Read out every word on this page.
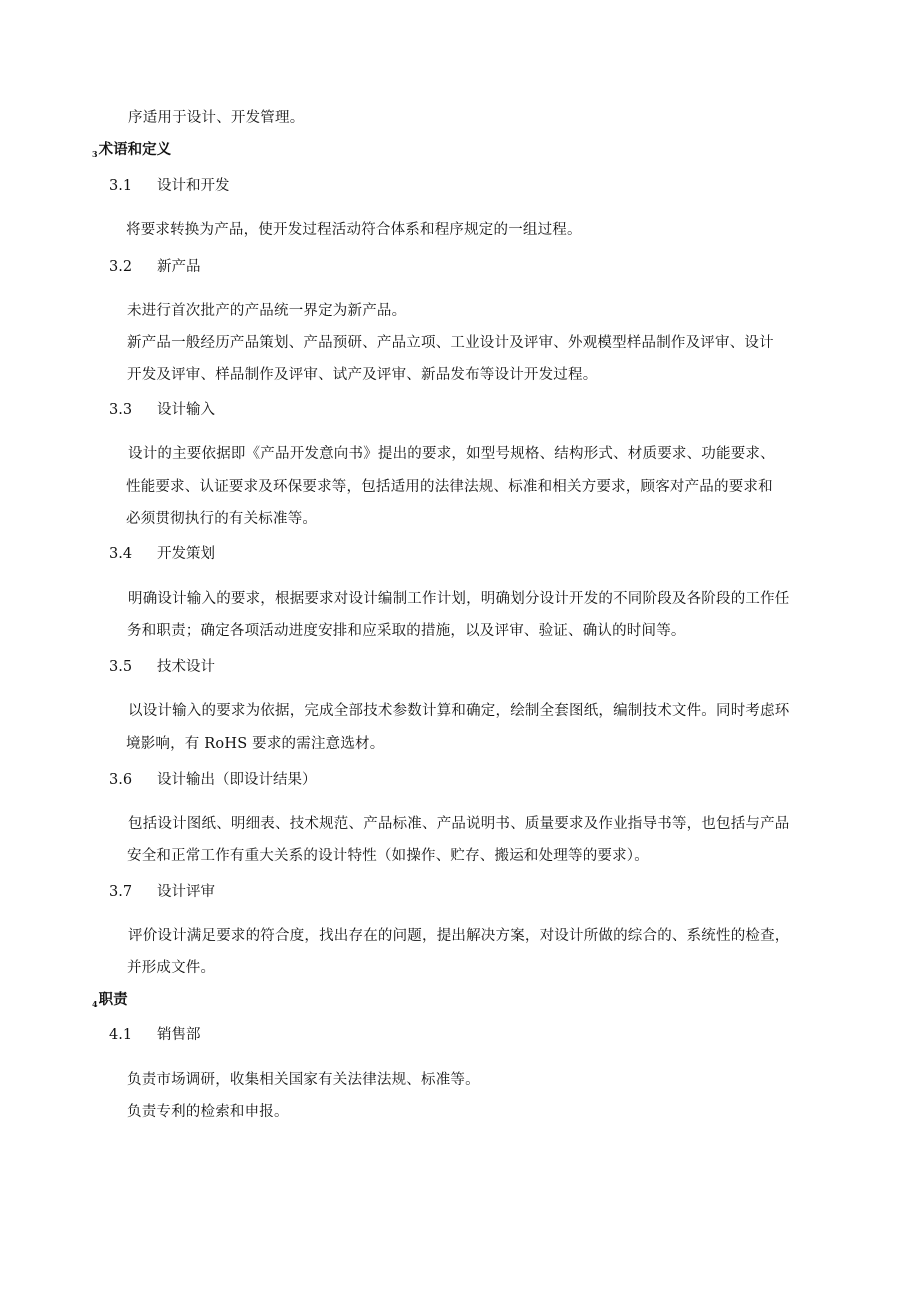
序适用于设计、开发管理。
$_3$术语和定义
3.1 设计和开发
将要求转换为产品，使开发过程活动符合体系和程序规定的一组过程。
3.2 新产品
未进行首次批产的产品统一界定为新产品。
新产品一般经历产品策划、产品预研、产品立项、工业设计及评审、外观模型样品制作及评审、设计
开发及评审、样品制作及评审、试产及评审、新品发布等设计开发过程。
3.3 设计输入
设计的主要依据即《产品开发意向书》提出的要求，如型号规格、结构形式、材质要求、功能要求、
性能要求、认证要求及环保要求等，包括适用的法律法规、标准和相关方要求，顾客对产品的要求和
必须贯彻执行的有关标准等。
3.4 开发策划
明确设计输入的要求，根据要求对设计编制工作计划，明确划分设计开发的不同阶段及各阶段的工作任
务和职责；确定各项活动进度安排和应采取的措施，以及评审、验证、确认的时间等。
3.5 技术设计
以设计输入的要求为依据，完成全部技术参数计算和确定，绘制全套图纸，编制技术文件。同时考虑环
境影响，有 RoHS 要求的需注意选材。
3.6 设计输出（即设计结果）
包括设计图纸、明细表、技术规范、产品标准、产品说明书、质量要求及作业指导书等，也包括与产品
安全和正常工作有重大关系的设计特性（如操作、贮存、搬运和处理等的要求）。
3.7 设计评审
评价设计满足要求的符合度，找出存在的问题，提出解决方案，对设计所做的综合的、系统性的检查，
并形成文件。
$_4$职责
4.1 销售部
负责市场调研，收集相关国家有关法律法规、标准等。
负责专利的检索和申报。
